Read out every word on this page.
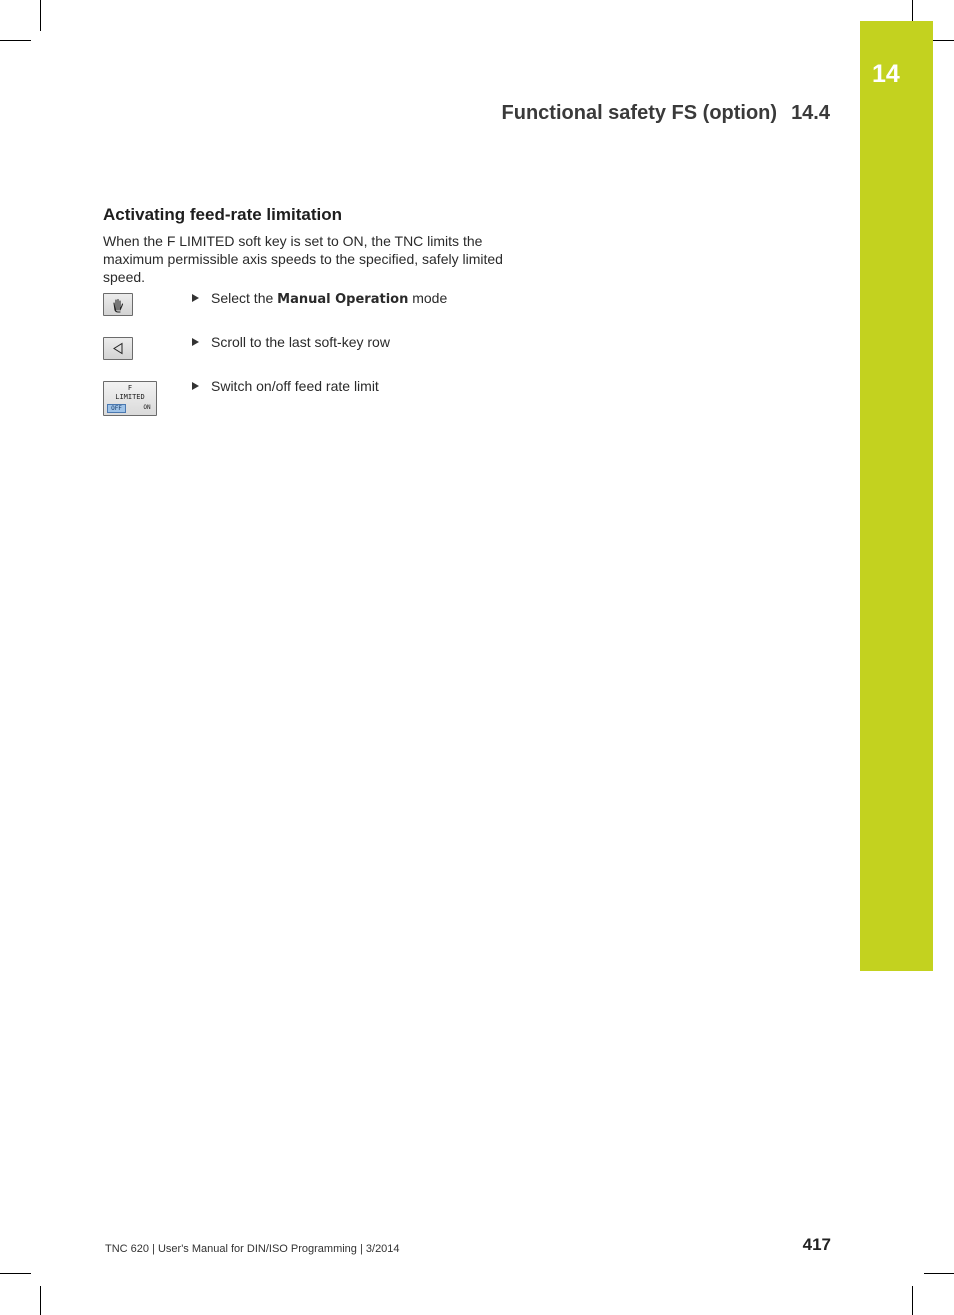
14
Functional safety FS (option) 14.4
Activating feed-rate limitation
When the F LIMITED soft key is set to ON, the TNC limits the maximum permissible axis speeds to the specified, safely limited speed.
Select the Manual Operation mode
Scroll to the last soft-key row
F
LIMITED
OFF	ON
Switch on/off feed rate limit
TNC 620 | User's Manual for DIN/ISO Programming | 3/2014	417
